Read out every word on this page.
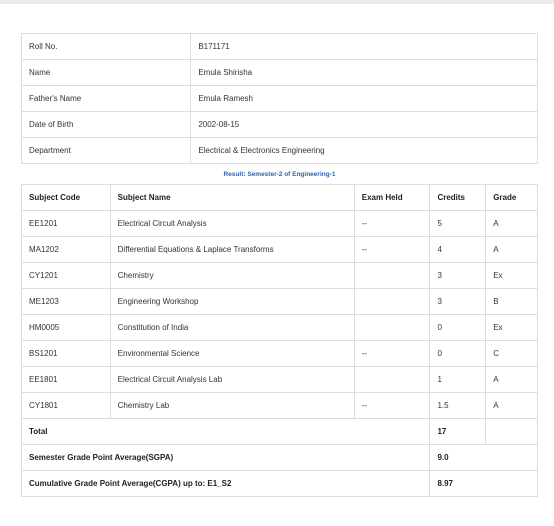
Roll No.	B171171
Name	Emula Shirisha
Father's Name	Emula Ramesh
Date of Birth	2002-08-15
Department	Electrical & Electronics Engineering
Result: Semester-2 of Engineering-1
Subject Code	Subject Name	Exam Held	Credits	Grade
EE1201	Electrical Circuit Analysis	--	5	A
MA1202	Differential Equations & Laplace Transforms	--	4	A
CY1201	Chemistry		3	Ex
ME1203	Engineering Workshop		3	B
HM0005	Constitution of India		0	Ex
BS1201	Environmental Science	--	0	C
EE1801	Electrical Circuit Analysis Lab		1	A
CY1801	Chemistry Lab	--	1.5	A
Total			17	
Semester Grade Point Average(SGPA)			9.0	
Cumulative Grade Point Average(CGPA) up to: E1_S2			8.97	
